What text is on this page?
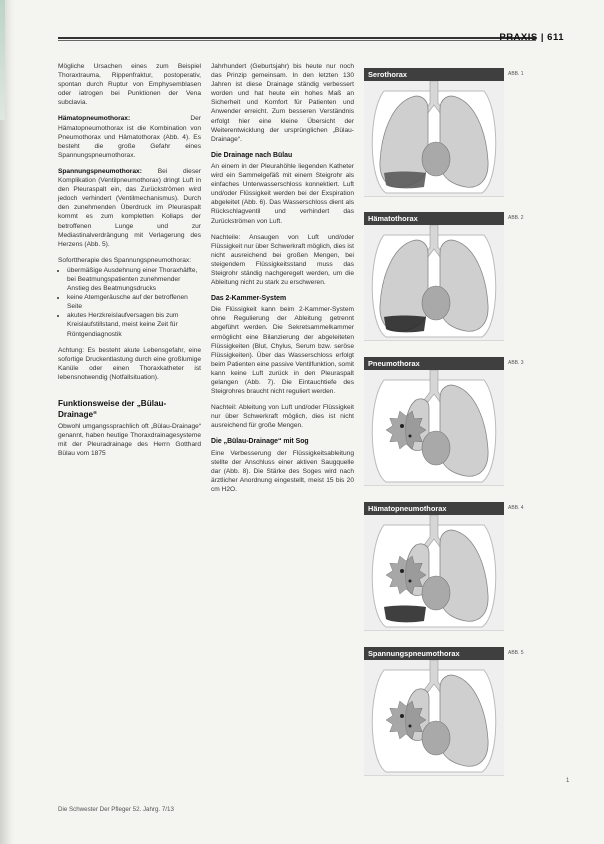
PRAXIS | 611

Mögliche Ursachen eines zum Beispiel Thoraxtrauma, Rippenfraktur, postoperativ, spontan durch Ruptur von Emphysemblasen oder iatrogen bei Punktionen der Vena subclavia.

Hämatopneumothorax:	Der Hämatopneumothorax ist die Kombination von Pneumothorax und Hämatothorax (Abb. 4). Es besteht die große Gefahr eines Spannungspneumothorax.

Spannungspneumothorax: Bei dieser Komplikation (Ventilpneumothorax) dringt Luft in den Pleuraspalt ein, das Zurückströmen wird jedoch verhindert (Ventilmechanismus). Durch den zunehmenden Überdruck im Pleuraspalt kommt es zum kompletten Kollaps der betroffenen Lunge und zur Mediastinalverdrängung mit Verlagerung des Herzens (Abb. 5).

Soforttherapie des Spannungspneumothorax:

• übermäßige Ausdehnung einer Thoraxhälfte, bei Beatmungspatienten zunehmender Anstieg des Beatmungsdrucks
• keine Atemgeräusche auf der betroffenen Seite
• akutes Herzkreislaufversagen bis zum Kreislaufstillstand, meist keine Zeit für Röntgendiagnostik

Achtung: Es besteht akute Lebensgefahr, eine sofortige Druckentlastung durch eine großlumige Kanüle oder einen Thoraxkatheter ist lebensnotwendig (Notfallsituation).

Funktionsweise der „Bülau-Drainage“

Obwohl umgangssprachlich oft „Bülau-Drainage“ genannt, haben heutige Thoraxdrainagesysteme mit der Pleuradrainage des Herrn Gotthard Bülau vom 1875

Jahrhundert (Geburtsjahr) bis heute nur noch das Prinzip gemeinsam. In den letzten 130 Jahren ist diese Drainage ständig verbessert worden und hat heute ein hohes Maß an Sicherheit und Komfort für Patienten und Anwender erreicht. Zum besseren Verständnis erfolgt hier eine kleine Übersicht der Weiterentwicklung der ursprünglichen „Bülau-Drainage“.

Die Drainage nach Bülau

An einem in der Pleurahöhle liegenden Katheter wird ein Sammelgefäß mit einem Steigrohr als einfaches Unterwasserschloss konnektiert. Luft und/oder Flüssigkeit werden bei der Exspiration abgeleitet (Abb. 6). Das Wasserschloss dient als Rückschlagventil und verhindert das Zurückströmen von Luft.

Nachteile: Ansaugen von Luft und/oder Flüssigkeit nur über Schwerkraft möglich, dies ist nicht ausreichend bei großen Mengen, bei steigendem Flüssigkeitsstand muss das Steigrohr ständig nachgeregelt werden, um die Ableitung nicht zu stark zu erschweren.

Das 2-Kammer-System

Die Flüssigkeit kann beim 2-Kammer-System ohne Regulierung der Ableitung getrennt abgeführt werden. Die Sekretsammelkammer ermöglicht eine Bilanzierung der abgeleiteten Flüssigkeiten (Blut, Chylus, Serum bzw. seröse Flüssigkeiten). Über das Wasserschloss erfolgt beim Patienten eine passive Ventilfunktion, somit kann keine Luft zurück in den Pleuraspalt gelangen (Abb. 7). Die Eintauchtiefe des Steigrohres braucht nicht reguliert werden.

Nachteil: Ableitung von Luft und/oder Flüssigkeit nur über Schwerkraft möglich, dies ist nicht ausreichend für große Mengen.

Die „Bülau-Drainage“ mit Sog

Eine Verbesserung der Flüssigkeitsableitung stellte der Anschluss einer aktiven Saugquelle dar (Abb. 8). Die Stärke des Soges wird nach ärztlicher Anordnung eingestellt, meist 15 bis 20 cm H2O.

Serothorax	ABB. 1
Hämatothorax	ABB. 2
Pneumothorax	ABB. 3
Hämatopneumothorax	ABB. 4
Spannungspneumothorax	ABB. 5
Die Schwester Der Pfleger 52. Jahrg. 7/13
1
